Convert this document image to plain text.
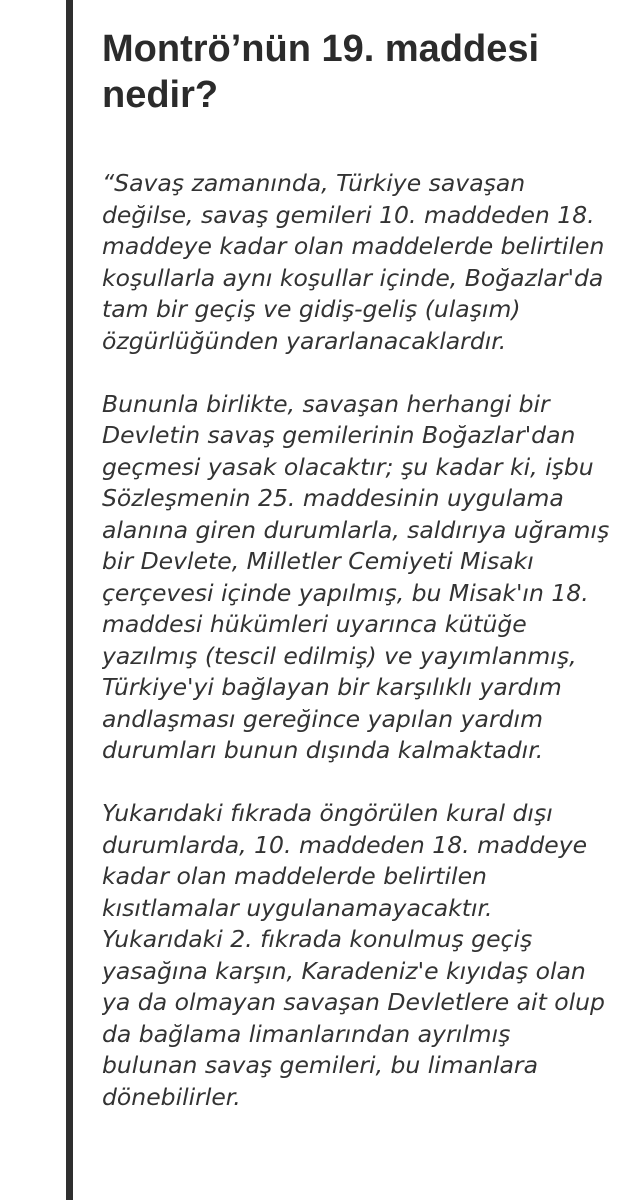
Montrö’nün 19. maddesi
nedir?

“Savaş zamanında, Türkiye savaşan
değilse, savaş gemileri 10. maddeden 18.
maddeye kadar olan maddelerde belirtilen
koşullarla aynı koşullar içinde, Boğazlar'da
tam bir geçiş ve gidiş-geliş (ulaşım)
özgürlüğünden yararlanacaklardır.

Bununla birlikte, savaşan herhangi bir
Devletin savaş gemilerinin Boğazlar'dan
geçmesi yasak olacaktır; şu kadar ki, işbu
Sözleşmenin 25. maddesinin uygulama
alanına giren durumlarla, saldırıya uğramış
bir Devlete, Milletler Cemiyeti Misakı
çerçevesi içinde yapılmış, bu Misak'ın 18.
maddesi hükümleri uyarınca kütüğe
yazılmış (tescil edilmiş) ve yayımlanmış,
Türkiye'yi bağlayan bir karşılıklı yardım
andlaşması gereğince yapılan yardım
durumları bunun dışında kalmaktadır.

Yukarıdaki fıkrada öngörülen kural dışı
durumlarda, 10. maddeden 18. maddeye
kadar olan maddelerde belirtilen
kısıtlamalar uygulanamayacaktır.
Yukarıdaki 2. fıkrada konulmuş geçiş
yasağına karşın, Karadeniz'e kıyıdaş olan
ya da olmayan savaşan Devletlere ait olup
da bağlama limanlarından ayrılmış
bulunan savaş gemileri, bu limanlara
dönebilirler.
